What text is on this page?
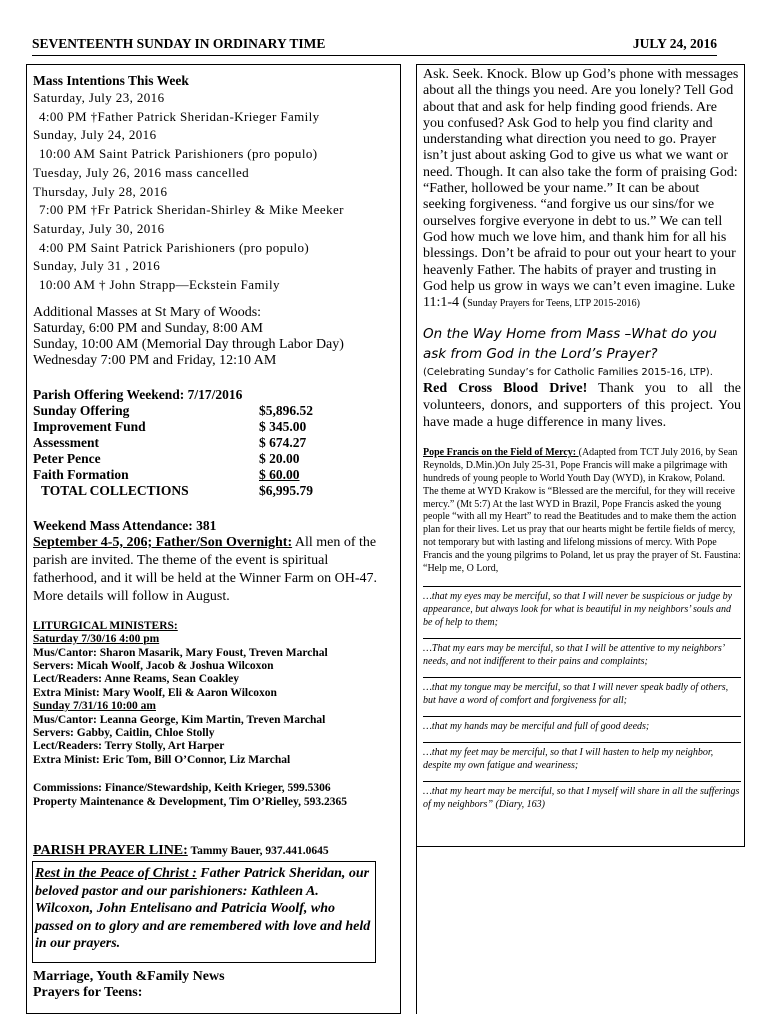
SEVENTEENTH SUNDAY IN ORDINARY TIME	JULY 24, 2016
Mass Intentions This Week
Saturday, July 23, 2016
4:00 PM †Father Patrick Sheridan-Krieger Family
Sunday, July 24, 2016
10:00 AM Saint Patrick Parishioners (pro populo)
Tuesday, July 26, 2016 mass cancelled
Thursday, July 28, 2016
7:00 PM †Fr Patrick Sheridan-Shirley & Mike Meeker
Saturday, July 30, 2016
4:00 PM Saint Patrick Parishioners (pro populo)
Sunday, July 31 , 2016
10:00 AM † John Strapp—Eckstein Family
Additional Masses at St Mary of Woods:
Saturday, 6:00 PM and Sunday, 8:00 AM
Sunday, 10:00 AM (Memorial Day through Labor Day)
Wednesday 7:00 PM and Friday, 12:10 AM
Parish Offering Weekend: 7/17/2016
Sunday Offering	$5,896.52
Improvement Fund	$ 345.00
Assessment	$ 674.27
Peter Pence	$ 20.00
Faith Formation	$ 60.00
TOTAL COLLECTIONS	$6,995.79
Weekend Mass Attendance: 381
September 4-5, 206; Father/Son Overnight: All men of the parish are invited. The theme of the event is spiritual fatherhood, and it will be held at the Winner Farm on OH-47. More details will follow in August.
LITURGICAL MINISTERS:
Saturday 7/30/16 4:00 pm
Mus/Cantor: Sharon Masarik, Mary Foust, Treven Marchal
Servers: Micah Woolf, Jacob & Joshua Wilcoxon
Lect/Readers: Anne Reams, Sean Coakley
Extra Minist: Mary Woolf, Eli & Aaron Wilcoxon
Sunday 7/31/16 10:00 am
Mus/Cantor: Leanna George, Kim Martin, Treven Marchal
Servers: Gabby, Caitlin, Chloe Stolly
Lect/Readers: Terry Stolly, Art Harper
Extra Minist: Eric Tom, Bill O’Connor, Liz Marchal
Commissions: Finance/Stewardship, Keith Krieger, 599.5306
Property Maintenance & Development, Tim O’Rielley, 593.2365
PARISH PRAYER LINE: Tammy Bauer, 937.441.0645
Rest in the Peace of Christ : Father Patrick Sheridan, our beloved pastor and our parishioners: Kathleen A. Wilcoxon, John Entelisano and Patricia Woolf, who passed on to glory and are remembered with love and held in our prayers.
Marriage, Youth &Family News
Prayers for Teens:
Ask. Seek. Knock. Blow up God’s phone with messages about all the things you need. Are you lonely? Tell God about that and ask for help finding good friends. Are you confused? Ask God to help you find clarity and understanding what direction you need to go. Prayer isn’t just about asking God to give us what we want or need. Though. It can also take the form of praising God: “Father, hollowed be your name.” It can be about seeking forgiveness. “and forgive us our sins/for we ourselves forgive everyone in debt to us.” We can tell God how much we love him, and thank him for all his blessings. Don’t be afraid to pour out your heart to your heavenly Father. The habits of prayer and trusting in God help us grow in ways we can’t even imagine. Luke 11:1-4 (Sunday Prayers for Teens, LTP 2015-2016)
On the Way Home from Mass –What do you ask from God in the Lord’s Prayer?
(Celebrating Sunday’s for Catholic Families 2015-16, LTP).
Red Cross Blood Drive! Thank you to all the volunteers, donors, and supporters of this project. You have made a huge difference in many lives.
Pope Francis on the Field of Mercy: (Adapted from TCT July 2016, by Sean Reynolds, D.Min.)On July 25-31, Pope Francis will make a pilgrimage with hundreds of young people to World Youth Day (WYD), in Krakow, Poland. The theme at WYD Krakow is “Blessed are the merciful, for they will receive mercy.” (Mt 5:7) At the last WYD in Brazil, Pope Francis asked the young people “with all my Heart” to read the Beatitudes and to make them the action plan for their lives. Let us pray that our hearts might be fertile fields of mercy, not temporary but with lasting and lifelong missions of mercy. With Pope Francis and the young pilgrims to Poland, let us pray the prayer of St. Faustina: “Help me, O Lord,
…that my eyes may be merciful, so that I will never be suspicious or judge by appearance, but always look for what is beautiful in my neighbors’ souls and be of help to them;
…That my ears may be merciful, so that I will be attentive to my neighbors’ needs, and not indifferent to their pains and complaints;
…that my tongue may be merciful, so that I will never speak badly of others, but have a word of comfort and forgiveness for all;
…that my hands may be merciful and full of good deeds;
…that my feet may be merciful, so that I will hasten to help my neighbor, despite my own fatigue and weariness;
…that my heart may be merciful, so that I myself will share in all the sufferings of my neighbors” (Diary, 163)
